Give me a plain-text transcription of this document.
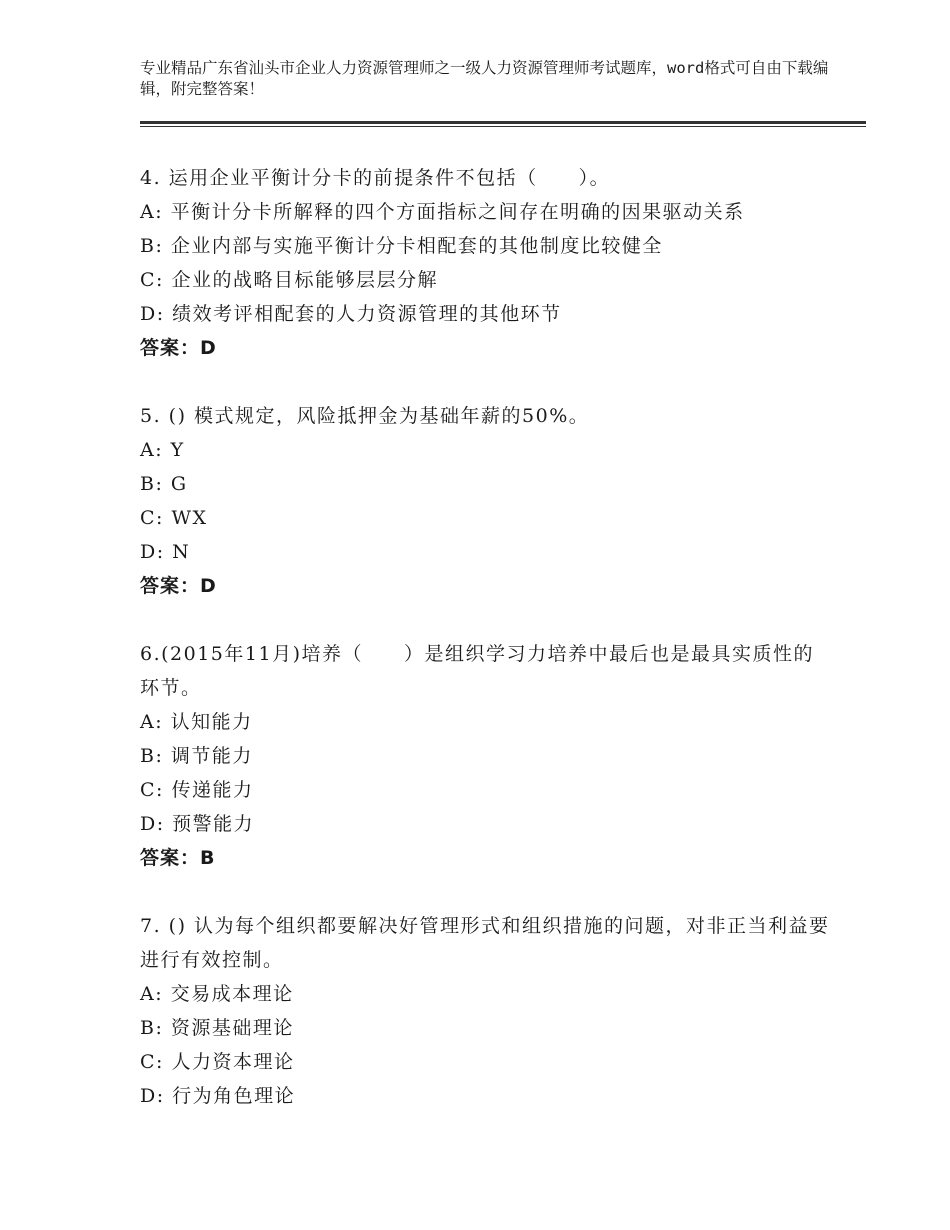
专业精品广东省汕头市企业人力资源管理师之一级人力资源管理师考试题库，word格式可自由下载编辑，附完整答案！
4. 运用企业平衡计分卡的前提条件不包括（　　）。
A: 平衡计分卡所解释的四个方面指标之间存在明确的因果驱动关系
B: 企业内部与实施平衡计分卡相配套的其他制度比较健全
C: 企业的战略目标能够层层分解
D: 绩效考评相配套的人力资源管理的其他环节
答案：D
5. () 模式规定，风险抵押金为基础年薪的50%。
A: Y
B: G
C: WX
D: N
答案：D
6.(2015年11月)培养（　　）是组织学习力培养中最后也是最具实质性的环节。
A: 认知能力
B: 调节能力
C: 传递能力
D: 预警能力
答案：B
7. () 认为每个组织都要解决好管理形式和组织措施的问题，对非正当利益要进行有效控制。
A: 交易成本理论
B: 资源基础理论
C: 人力资本理论
D: 行为角色理论
